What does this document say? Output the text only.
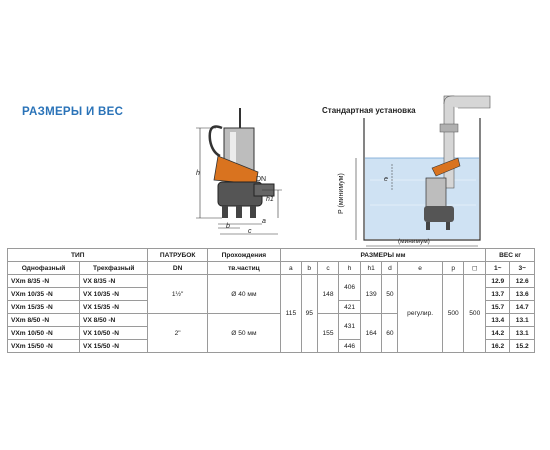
РАЗМЕРЫ И ВЕС	Стандартная установка
h
h1
DN
a
b
c
P (минимум)	e
(минимум)
ТИП		ПАТРУБОК	Прохождения	РАЗМЕРЫ мм									ВЕС кг	
Однофазный	Трехфазный	DN	тв.частиц	a	b	c	h	h1	d	e	p	◻	1~	3~
VXm 8/35 -N	VX 8/35 -N	1½"	Ø 40 мм	115	95	148	406	139	50	регулир.	500	500	12.9	12.6
VXm 10/35 -N	VX 10/35 -N												13.7	13.6
VXm 15/35 -N	VX 15/35 -N						421						15.7	14.7
VXm 8/50 -N	VX 8/50 -N	2"	Ø 50 мм			155	431	164	60				13.4	13.1
VXm 10/50 -N	VX 10/50 -N												14.2	13.1
VXm 15/50 -N	VX 15/50 -N						446						16.2	15.2
